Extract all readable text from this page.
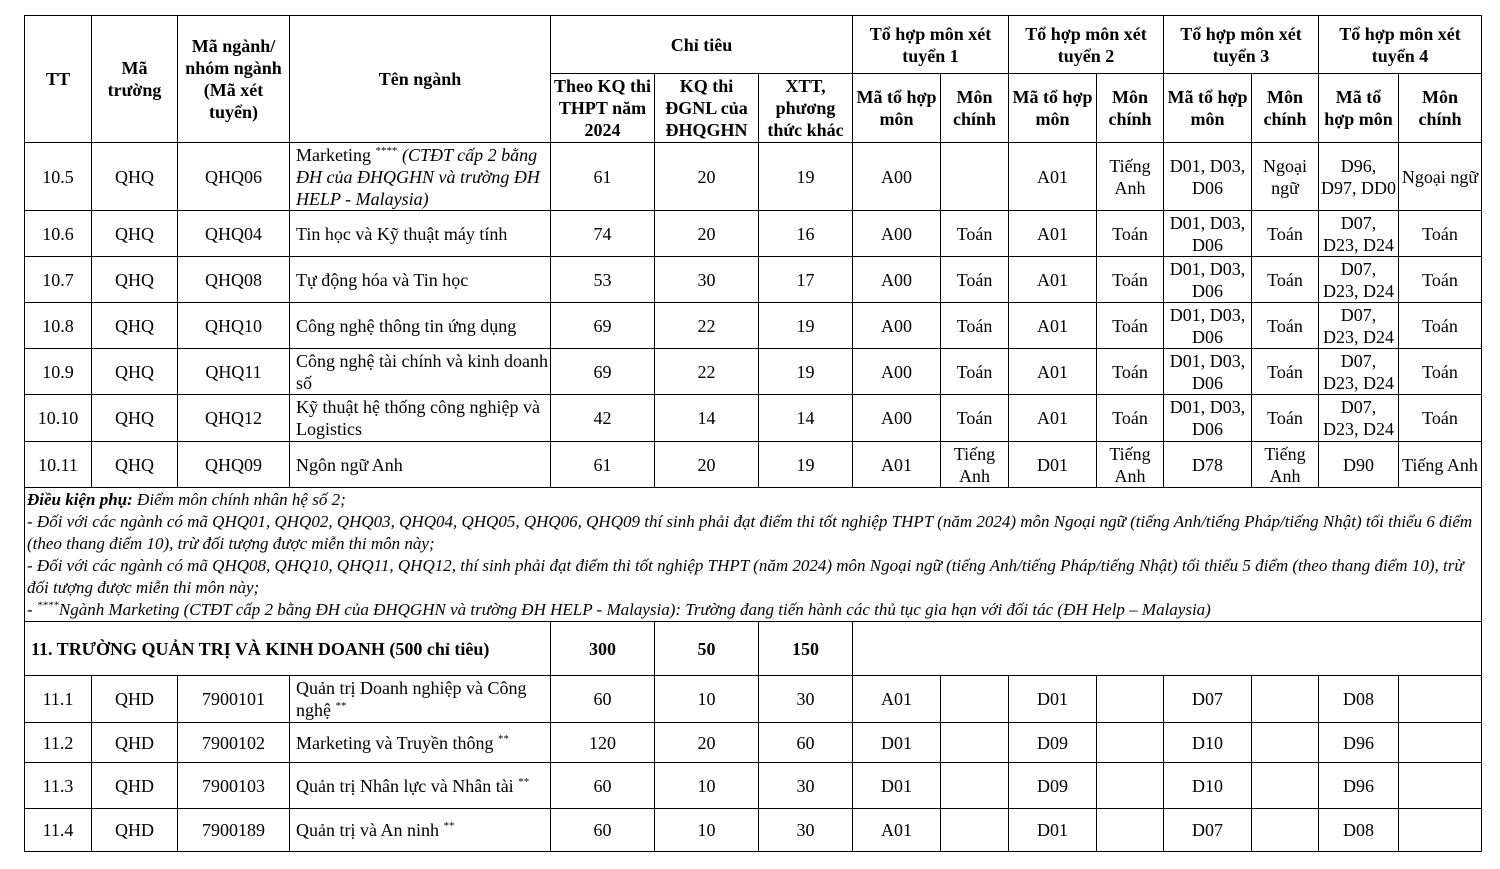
TT	Mã trường	Mã ngành/ nhóm ngành (Mã xét tuyển)	Tên ngành	Chỉ tiêu			Tổ hợp môn xét tuyển 1		Tổ hợp môn xét tuyển 2		Tổ hợp môn xét tuyển 3		Tổ hợp môn xét tuyển 4	
				Theo KQ thi THPT năm 2024	KQ thi ĐGNL của ĐHQGHN	XTT, phương thức khác	Mã tổ hợp môn	Môn chính	Mã tổ hợp môn	Môn chính	Mã tổ hợp môn	Môn chính	Mã tổ hợp môn	Môn chính
10.5	QHQ	QHQ06	Marketing **** (CTĐT cấp 2 bằng ĐH của ĐHQGHN và trường ĐH HELP - Malaysia)	61	20	19	A00		A01	Tiếng Anh	D01, D03, D06	Ngoại ngữ	D96, D97, DD0	Ngoại ngữ
10.6	QHQ	QHQ04	Tin học và Kỹ thuật máy tính	74	20	16	A00	Toán	A01	Toán	D01, D03, D06	Toán	D07, D23, D24	Toán
10.7	QHQ	QHQ08	Tự động hóa và Tin học	53	30	17	A00	Toán	A01	Toán	D01, D03, D06	Toán	D07, D23, D24	Toán
10.8	QHQ	QHQ10	Công nghệ thông tin ứng dụng	69	22	19	A00	Toán	A01	Toán	D01, D03, D06	Toán	D07, D23, D24	Toán
10.9	QHQ	QHQ11	Công nghệ tài chính và kinh doanh số	69	22	19	A00	Toán	A01	Toán	D01, D03, D06	Toán	D07, D23, D24	Toán
10.10	QHQ	QHQ12	Kỹ thuật hệ thống công nghiệp và Logistics	42	14	14	A00	Toán	A01	Toán	D01, D03, D06	Toán	D07, D23, D24	Toán
10.11	QHQ	QHQ09	Ngôn ngữ Anh	61	20	19	A01	Tiếng Anh	D01	Tiếng Anh	D78	Tiếng Anh	D90	Tiếng Anh
Điều kiện phụ: Điểm môn chính nhân hệ số 2;
- Đối với các ngành có mã QHQ01, QHQ02, QHQ03, QHQ04, QHQ05, QHQ06, QHQ09 thí sinh phải đạt điểm thi tốt nghiệp THPT (năm 2024) môn Ngoại ngữ (tiếng Anh/tiếng Pháp/tiếng Nhật) tối thiểu 6 điểm (theo thang điểm 10), trừ đối tượng được miễn thi môn này;
- Đối với các ngành có mã QHQ08, QHQ10, QHQ11, QHQ12, thí sinh phải đạt điểm thi tốt nghiệp THPT (năm 2024) môn Ngoại ngữ (tiếng Anh/tiếng Pháp/tiếng Nhật) tối thiểu 5 điểm (theo thang điểm 10), trừ đối tượng được miễn thi môn này;
- ****Ngành Marketing (CTĐT cấp 2 bằng ĐH của ĐHQGHN và trường ĐH HELP - Malaysia): Trường đang tiến hành các thủ tục gia hạn với đối tác (ĐH Help – Malaysia)														
11. TRƯỜNG QUẢN TRỊ VÀ KINH DOANH (500 chỉ tiêu)				300	50	150								
11.1	QHD	7900101	Quản trị Doanh nghiệp và Công nghệ **	60	10	30	A01		D01		D07		D08	
11.2	QHD	7900102	Marketing và Truyền thông **	120	20	60	D01		D09		D10		D96	
11.3	QHD	7900103	Quản trị Nhân lực và Nhân tài **	60	10	30	D01		D09		D10		D96	
11.4	QHD	7900189	Quản trị và An ninh **	60	10	30	A01		D01		D07		D08	
